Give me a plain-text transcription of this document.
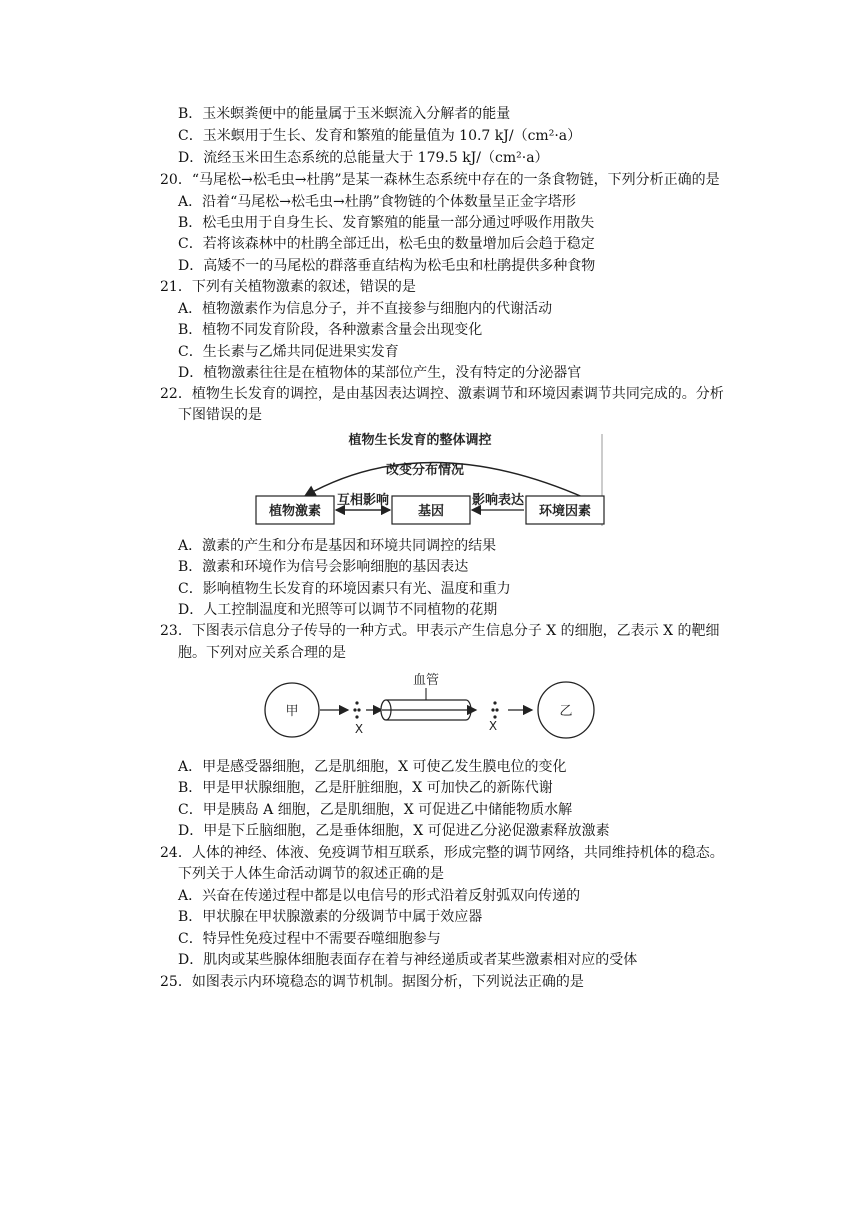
B．玉米螟粪便中的能量属于玉米螟流入分解者的能量
C．玉米螟用于生长、发育和繁殖的能量值为 10.7 kJ/（cm²·a）
D．流经玉米田生态系统的总能量大于 179.5 kJ/（cm²·a）
20．“马尾松→松毛虫→杜鹃”是某一森林生态系统中存在的一条食物链，下列分析正确的是
A．沿着“马尾松→松毛虫→杜鹃”食物链的个体数量呈正金字塔形
B．松毛虫用于自身生长、发育繁殖的能量一部分通过呼吸作用散失
C．若将该森林中的杜鹃全部迁出，松毛虫的数量增加后会趋于稳定
D．高矮不一的马尾松的群落垂直结构为松毛虫和杜鹃提供多种食物
21．下列有关植物激素的叙述，错误的是
A．植物激素作为信息分子，并不直接参与细胞内的代谢活动
B．植物不同发育阶段，各种激素含量会出现变化
C．生长素与乙烯共同促进果实发育
D．植物激素往往是在植物体的某部位产生，没有特定的分泌器官
22．植物生长发育的调控，是由基因表达调控、激素调节和环境因素调节共同完成的。分析
下图错误的是
植物生长发育的整体调控
改变分布情况
植物激素	基因	环境因素
互相影响	影响表达
A．激素的产生和分布是基因和环境共同调控的结果
B．激素和环境作为信号会影响细胞的基因表达
C．影响植物生长发育的环境因素只有光、温度和重力
D．人工控制温度和光照等可以调节不同植物的花期
23．下图表示信息分子传导的一种方式。甲表示产生信息分子 X 的细胞，乙表示 X 的靶细
胞。下列对应关系合理的是
甲
X
血管
X
乙
A．甲是感受器细胞，乙是肌细胞，X 可使乙发生膜电位的变化
B．甲是甲状腺细胞，乙是肝脏细胞，X 可加快乙的新陈代谢
C．甲是胰岛 A 细胞，乙是肌细胞，X 可促进乙中储能物质水解
D．甲是下丘脑细胞，乙是垂体细胞，X 可促进乙分泌促激素释放激素
24．人体的神经、体液、免疫调节相互联系，形成完整的调节网络，共同维持机体的稳态。
下列关于人体生命活动调节的叙述正确的是
A．兴奋在传递过程中都是以电信号的形式沿着反射弧双向传递的
B．甲状腺在甲状腺激素的分级调节中属于效应器
C．特异性免疫过程中不需要吞噬细胞参与
D．肌肉或某些腺体细胞表面存在着与神经递质或者某些激素相对应的受体
25．如图表示内环境稳态的调节机制。据图分析，下列说法正确的是
